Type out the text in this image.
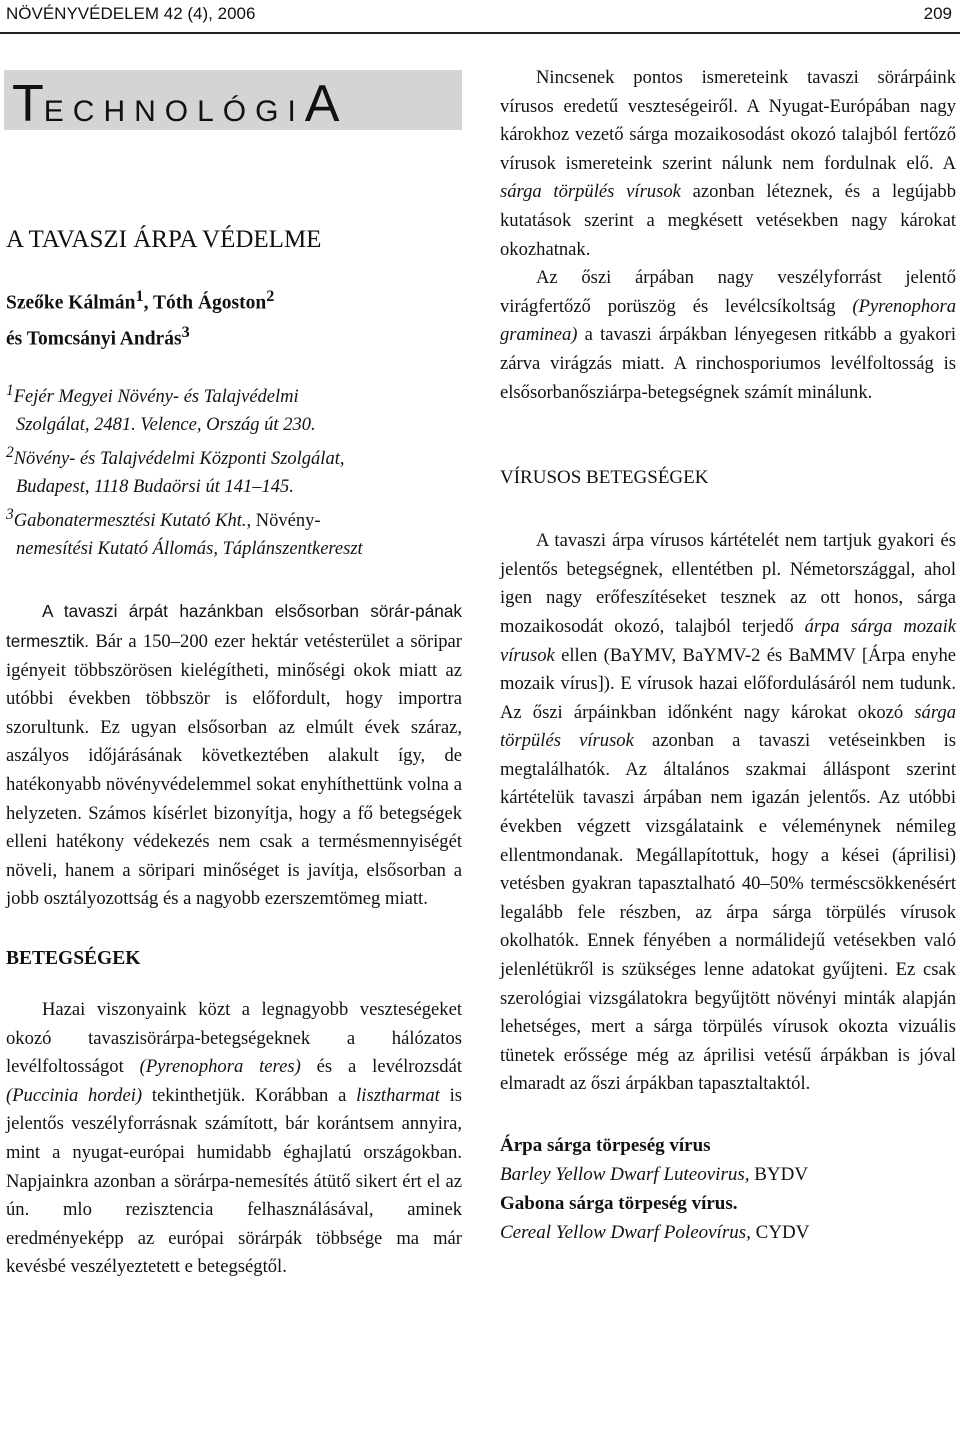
NÖVÉNYVÉDELEM 42 (4), 2006	209
TECHNOLÓGIA
A TAVASZI ÁRPA VÉDELME
Szeőke Kálmán$^1$, Tóth Ágoston$^2$
és Tomcsányi András$^3$
$^1$Fejér Megyei Növény- és Talajvédelmi
Szolgálat, 2481. Velence, Ország út 230.
$^2$Növény- és Talajvédelmi Központi Szolgálat,
Budapest, 1118 Budaörsi út 141–145.
$^3$Gabonatermesztési Kutató Kht., Növény-
nemesítési Kutató Állomás, Táplánszentkereszt

A tavaszi árpát hazánkban elsősorban sörár-pának termesztik. Bár a 150–200 ezer hektár vetésterület a söripar igényeit többszörösen kielégítheti, minőségi okok miatt az utóbbi években többször is előfordult, hogy importra szorultunk. Ez ugyan elsősorban az elmúlt évek száraz, aszályos időjárásának következtében alakult így, de hatékonyabb növényvédelemmel sokat enyhíthettünk volna a helyzeten. Számos kísérlet bizonyítja, hogy a fő betegségek elleni hatékony védekezés nem csak a termésmennyiségét növeli, hanem a söripari minőséget is javítja, elsősorban a jobb osztályozottság és a nagyobb ezerszemtömeg miatt.

BETEGSÉGEK

Hazai viszonyaink közt a legnagyobb veszteségeket okozó tavaszisörárpa-betegségeknek a hálózatos levélfoltosságot (Pyrenophora teres) és a levélrozsdát (Puccinia hordei) tekinthetjük. Korábban a lisztharmat is jelentős veszélyforrásnak számított, bár korántsem annyira, mint a nyugat-európai humidabb éghajlatú országokban. Napjainkra azonban a sörárpa-nemesítés átütő sikert ért el az ún. mlo rezisztencia felhasználásával, aminek eredményeképp az európai sörárpák többsége ma már kevésbé veszélyeztetett e betegségtől.

Nincsenek pontos ismereteink tavaszi sörárpáink vírusos eredetű veszteségeiről. A Nyugat-Európában nagy károkhoz vezető sárga mozaikosodást okozó talajból fertőző vírusok ismereteink szerint nálunk nem fordulnak elő. A sárga törpülés vírusok azonban léteznek, és a legújabb kutatások szerint a megkésett vetésekben nagy károkat okozhatnak.

Az őszi árpában nagy veszélyforrást jelentő virágfertőző porüszög és levélcsíkoltság (Pyrenophora graminea) a tavaszi árpákban lényegesen ritkább a gyakori zárva virágzás miatt. A rinchosporiumos levélfoltosság is elsősorbanősziárpa-betegségnek számít minálunk.

VÍRUSOS BETEGSÉGEK

A tavaszi árpa vírusos kártételét nem tartjuk gyakori és jelentős betegségnek, ellentétben pl. Németországgal, ahol igen nagy erőfeszítéseket tesznek az ott honos, sárga mozaikosodát okozó, talajból terjedő árpa sárga mozaik vírusok ellen (BaYMV, BaYMV-2 és BaMMV [Árpa enyhe mozaik vírus]). E vírusok hazai előfordulásáról nem tudunk. Az őszi árpáinkban időnként nagy károkat okozó sárga törpülés vírusok azonban a tavaszi vetéseinkben is megtalálhatók. Az általános szakmai álláspont szerint kártételük tavaszi árpában nem igazán jelentős. Az utóbbi években végzett vizsgálataink e véleménynek némileg ellentmondanak. Megállapítottuk, hogy a kései (áprilisi) vetésben gyakran tapasztalható 40–50% terméscsökkenésért legalább fele részben, az árpa sárga törpülés vírusok okolhatók. Ennek fényében a normálidejű vetésekben való jelenlétükről is szükséges lenne adatokat gyűjteni. Ez csak szerológiai vizsgálatokra begyűjtött növényi minták alapján lehetséges, mert a sárga törpülés vírusok okozta vizuális tünetek erőssége még az áprilisi vetésű árpákban is jóval elmaradt az őszi árpákban tapasztaltaktól.

Árpa sárga törpeség vírus
Barley Yellow Dwarf Luteovirus, BYDV
Gabona sárga törpeség vírus.
Cereal Yellow Dwarf Poleovírus, CYDV
